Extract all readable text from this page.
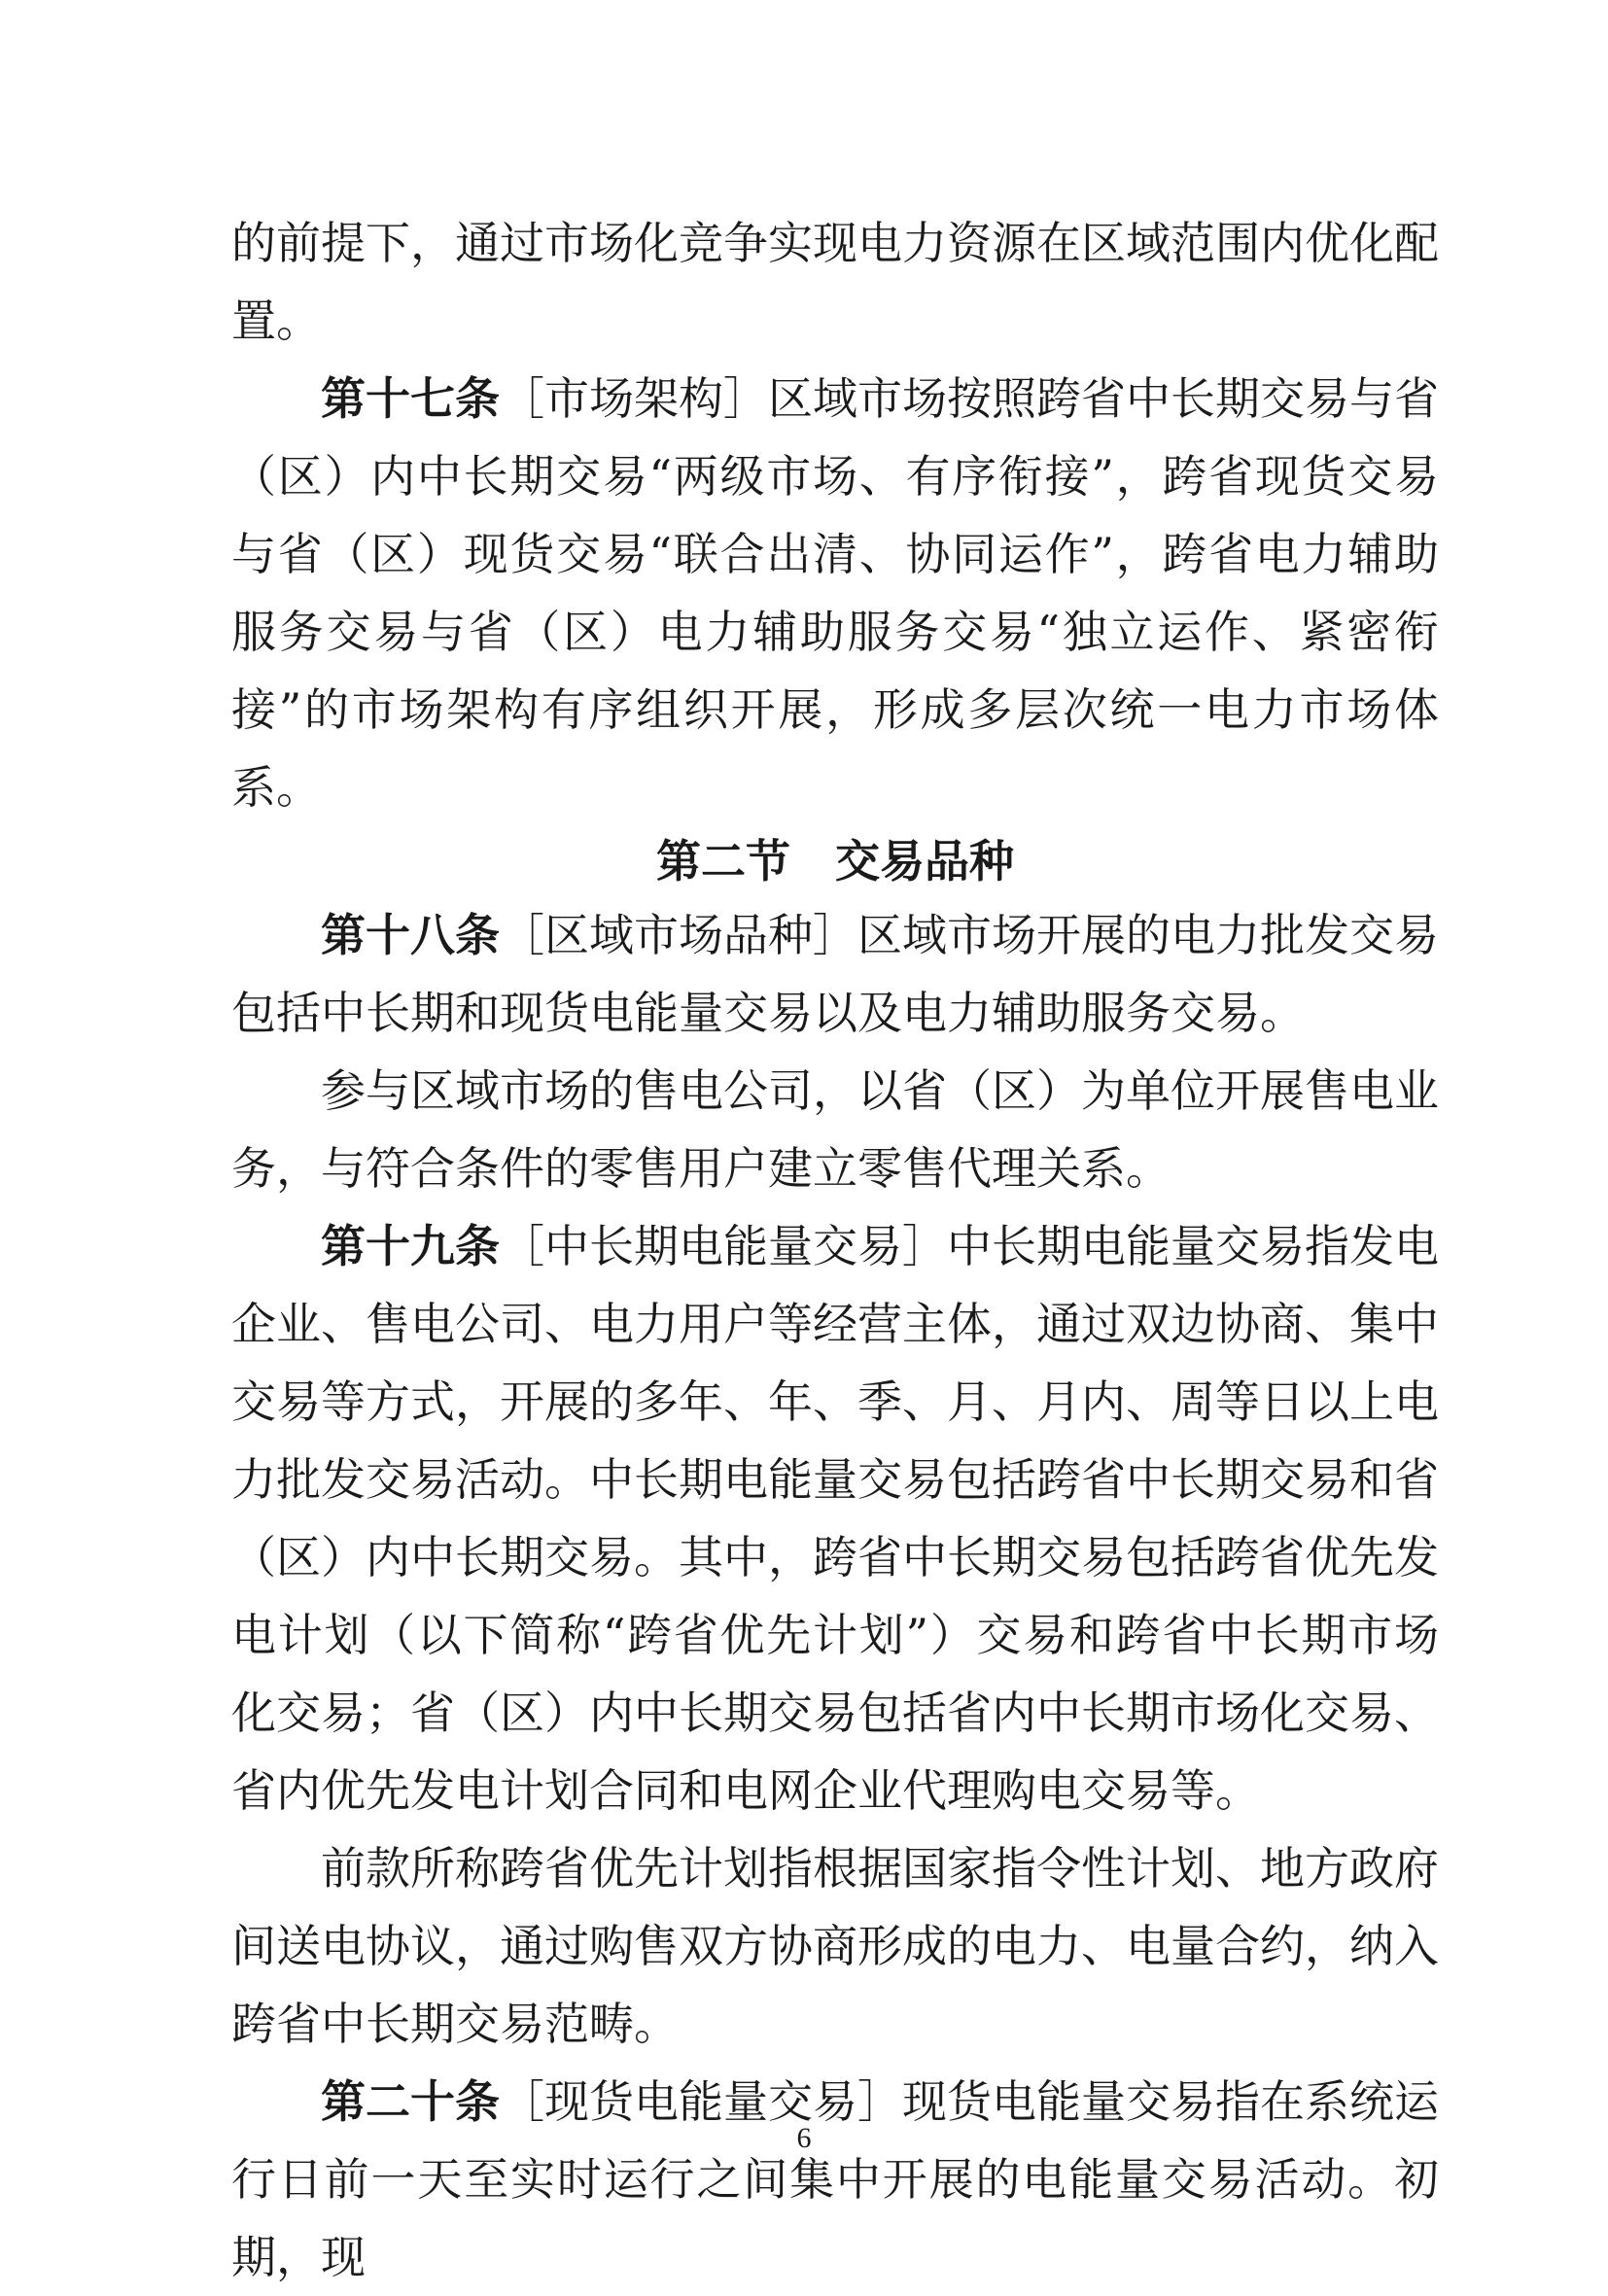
的前提下，通过市场化竞争实现电力资源在区域范围内优化配置。

第十七条［市场架构］区域市场按照跨省中长期交易与省（区）内中长期交易“两级市场、有序衔接”，跨省现货交易与省（区）现货交易“联合出清、协同运作”，跨省电力辅助服务交易与省（区）电力辅助服务交易“独立运作、紧密衔接”的市场架构有序组织开展，形成多层次统一电力市场体系。

第二节　交易品种

第十八条［区域市场品种］区域市场开展的电力批发交易包括中长期和现货电能量交易以及电力辅助服务交易。

参与区域市场的售电公司，以省（区）为单位开展售电业务，与符合条件的零售用户建立零售代理关系。

第十九条［中长期电能量交易］中长期电能量交易指发电企业、售电公司、电力用户等经营主体，通过双边协商、集中交易等方式，开展的多年、年、季、月、月内、周等日以上电力批发交易活动。中长期电能量交易包括跨省中长期交易和省（区）内中长期交易。其中，跨省中长期交易包括跨省优先发电计划（以下简称“跨省优先计划”）交易和跨省中长期市场化交易；省（区）内中长期交易包括省内中长期市场化交易、省内优先发电计划合同和电网企业代理购电交易等。

前款所称跨省优先计划指根据国家指令性计划、地方政府间送电协议，通过购售双方协商形成的电力、电量合约，纳入跨省中长期交易范畴。

第二十条［现货电能量交易］现货电能量交易指在系统运行日前一天至实时运行之间集中开展的电能量交易活动。初期，现

6
